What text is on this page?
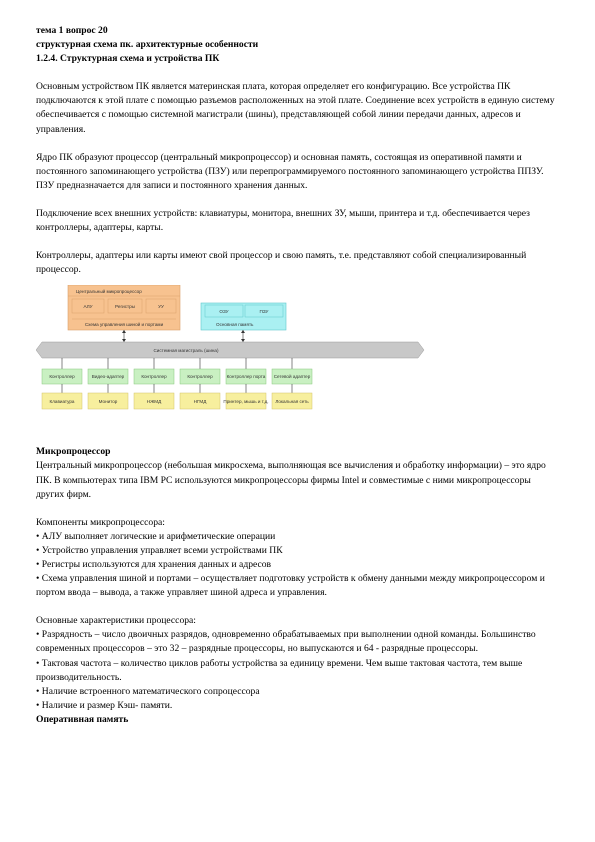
тема 1 вопрос 20

структурная схема пк. архитектурные особенности

1.2.4. Структурная схема и устройства ПК

Основным устройством ПК является материнская плата, которая определяет его конфигурацию. Все устройства ПК подключаются к этой плате с помощью разъемов расположенных на этой плате. Соединение всех устройств в единую систему обеспечивается с помощью системной магистрали (шины), представляющей собой линии передачи данных, адресов и управления.

Ядро ПК образуют процессор (центральный микропроцессор) и основная память, состоящая из оперативной памяти и постоянного запоминающего устройства (ПЗУ) или перепрограммируемого постоянного запоминающего устройства ППЗУ. ПЗУ предназначается для записи и постоянного хранения данных.

Подключение всех внешних устройств: клавиатуры, монитора, внешних ЗУ, мыши, принтера и т.д. обеспечивается через контроллеры, адаптеры, карты.

Контроллеры, адаптеры или карты имеют свой процессор и свою память, т.е. представляют собой специализированный процессор.

Центральный микропроцессор
АЛУ	Регистры	УУ
Схема управления шиной и портами
ОЗУ	ПЗУ
Основная память
Системная магистраль (шина)
Контроллер
Клавиатура
Видео-адаптер
Монитор
Контроллер
НЖМД
Контроллер
НГМД
Контроллер порта
Принтер, мышь и т.д.
Сетевой адаптер
Локальная сеть

Микропроцессор

Центральный микропроцессор (небольшая микросхема, выполняющая все вычисления и обработку информации) – это ядро ПК. В компьютерах типа IBM PC используются микропроцессоры фирмы Intel и совместимые с ними микропроцессоры других фирм.

Компоненты микропроцессора:

• АЛУ выполняет логические и арифметические операции

• Устройство управления управляет всеми устройствами ПК

• Регистры используются для хранения данных и адресов

• Схема управления шиной и портами – осуществляет подготовку устройств к обмену данными между микропроцессором и портом ввода – вывода, а также управляет шиной адреса и управления.

Основные характеристики процессора:

• Разрядность – число двоичных разрядов, одновременно обрабатываемых при выполнении одной команды. Большинство современных процессоров – это 32 – разрядные процессоры, но выпускаются и 64 - разрядные процессоры.

• Тактовая частота – количество циклов работы устройства за единицу времени. Чем выше тактовая частота, тем выше производительность.

• Наличие встроенного математического сопроцессора

• Наличие и размер Кэш- памяти.

Оперативная память
